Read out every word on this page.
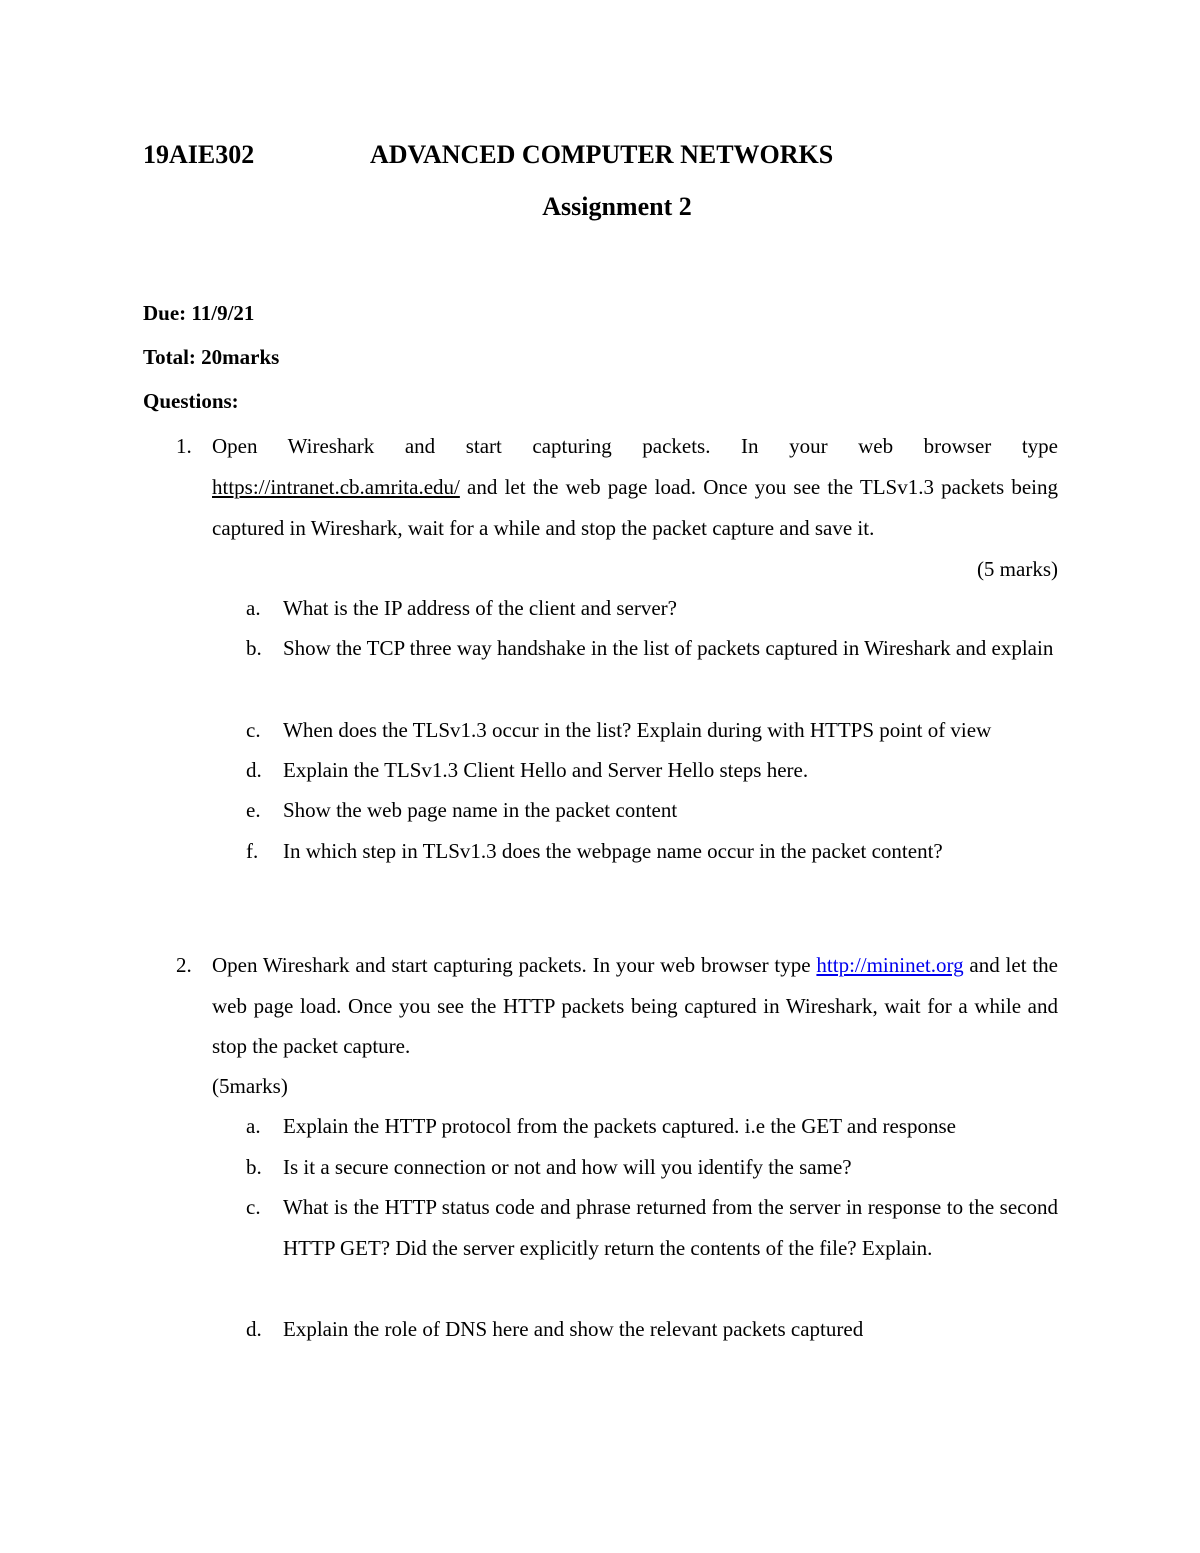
19AIE302	ADVANCED COMPUTER NETWORKS
Assignment 2
Due: 11/9/21
Total: 20marks
Questions:
1. Open Wireshark and start capturing packets. In your web browser type
https://intranet.cb.amrita.edu/ and let the web page load. Once you see the TLSv1.3 packets being captured in Wireshark, wait for a while and stop the packet capture and save it.
(5 marks)
a. What is the IP address of the client and server?
b. Show the TCP three way handshake in the list of packets captured in Wireshark and explain
c. When does the TLSv1.3 occur in the list? Explain during with HTTPS point of view
d. Explain the TLSv1.3 Client Hello and Server Hello steps here.
e. Show the web page name in the packet content
f. In which step in TLSv1.3 does the webpage name occur in the packet content?
2. Open Wireshark and start capturing packets. In your web browser type http://mininet.org and let the web page load. Once you see the HTTP packets being captured in Wireshark, wait for a while and stop the packet capture.
(5marks)
a. Explain the HTTP protocol from the packets captured. i.e the GET and response
b. Is it a secure connection or not and how will you identify the same?
c. What is the HTTP status code and phrase returned from the server in response to the second HTTP GET? Did the server explicitly return the contents of the file? Explain.
d. Explain the role of DNS here and show the relevant packets captured
